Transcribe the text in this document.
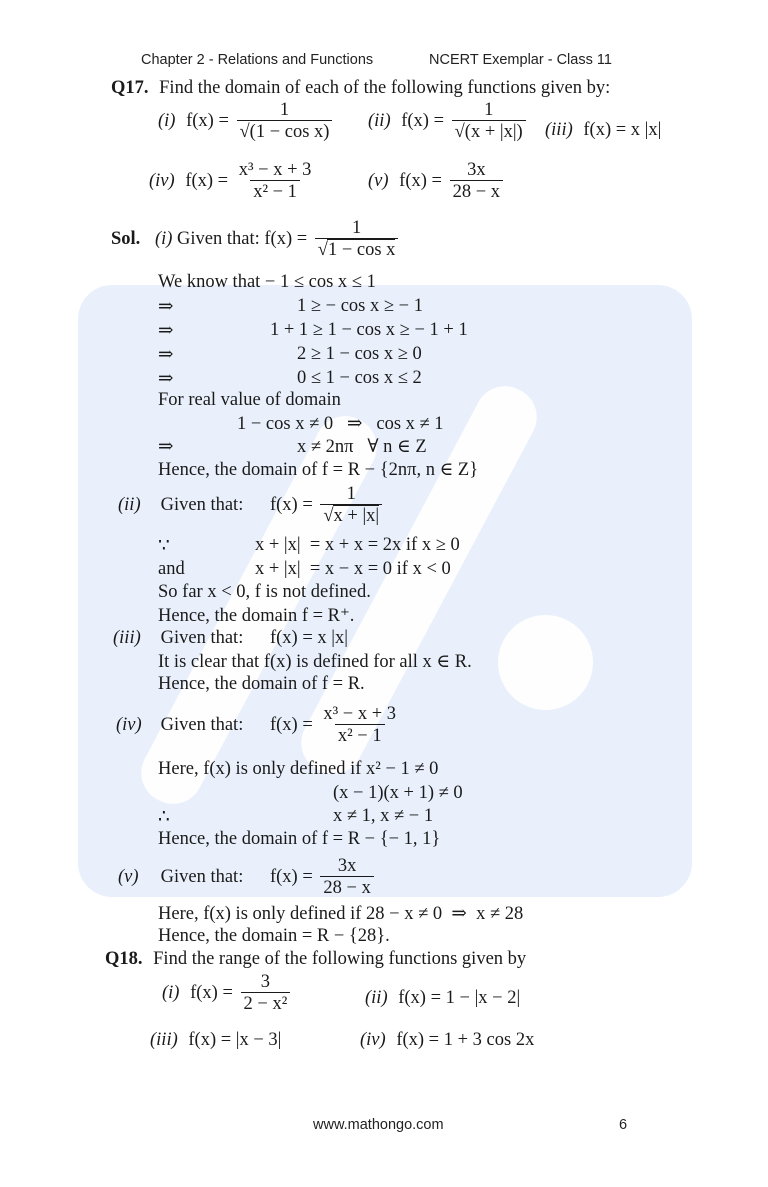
Chapter 2 - Relations and Functions	NCERT Exemplar - Class 11
Q17. Find the domain of each of the following functions given by:
(i) $f(x) = \frac{1}{\text{√(1 − cos x)}} (ii) f(x) = \frac{1}{√(x + |x|)} (iii) f(x) = x$ |x|
(iv) $f(x) = \frac{\text{x³ − x + 3}}{\text{x² − 1}}$	(v) $f(x) = \frac{3x}{28 - x}$
Sol. (i) Given that: $f(x) = \frac{1}{\text{√1 − cos x}}$
We know that − 1 ≤ cos x ≤ 1
⇒	1 ≥ − cos x ≥ − 1
⇒	1 + 1 ≥ 1 − cos x ≥ − 1 + 1
⇒	2 ≥ 1 − cos x ≥ 0
⇒	0 ≤ 1 − cos x ≤ 2
For real value of domain
1 − cos x ≠ 0   ⇒   cos x ≠ 1
⇒	x ≠ 2nπ   ∀ n ∈ Z
Hence, the domain of f = R − {2nπ, n ∈ Z}
(ii) Given that: $f(x) = \frac{1}{√x + |x|}$
∵	x + |x|  = x + x = 2x if x ≥ 0
and	x + |x|  = x − x = 0 if x < 0
So far x < 0, f is not defined.
Hence, the domain f = R⁺.
(iii) Given that: f(x) = x |x|
It is clear that f(x) is defined for all x ∈ R.
Hence, the domain of f = R.
(iv) Given that: $f(x) = \frac{\text{x³ − x + 3}}{\text{x² − 1}}$
Here, f(x) is only defined if x² − 1 ≠ 0
(x − 1)(x + 1) ≠ 0
∴	x ≠ 1, x ≠ − 1
Hence, the domain of f = R − {− 1, 1}
(v) Given that: $f(x) = \frac{3x}{28 - x}$
Here, f(x) is only defined if 28 − x ≠ 0  ⇒  x ≠ 28
Hence, the domain = R − {28}.
Q18. Find the range of the following functions given by
(i) $f(x) = \frac{3}{\text{2 − x²}}$	(ii) f(x) = 1 − |x − 2|
(iii) f(x) = |x − 3|	(iv) f(x) = 1 + 3 cos 2x
www.mathongo.com	6
